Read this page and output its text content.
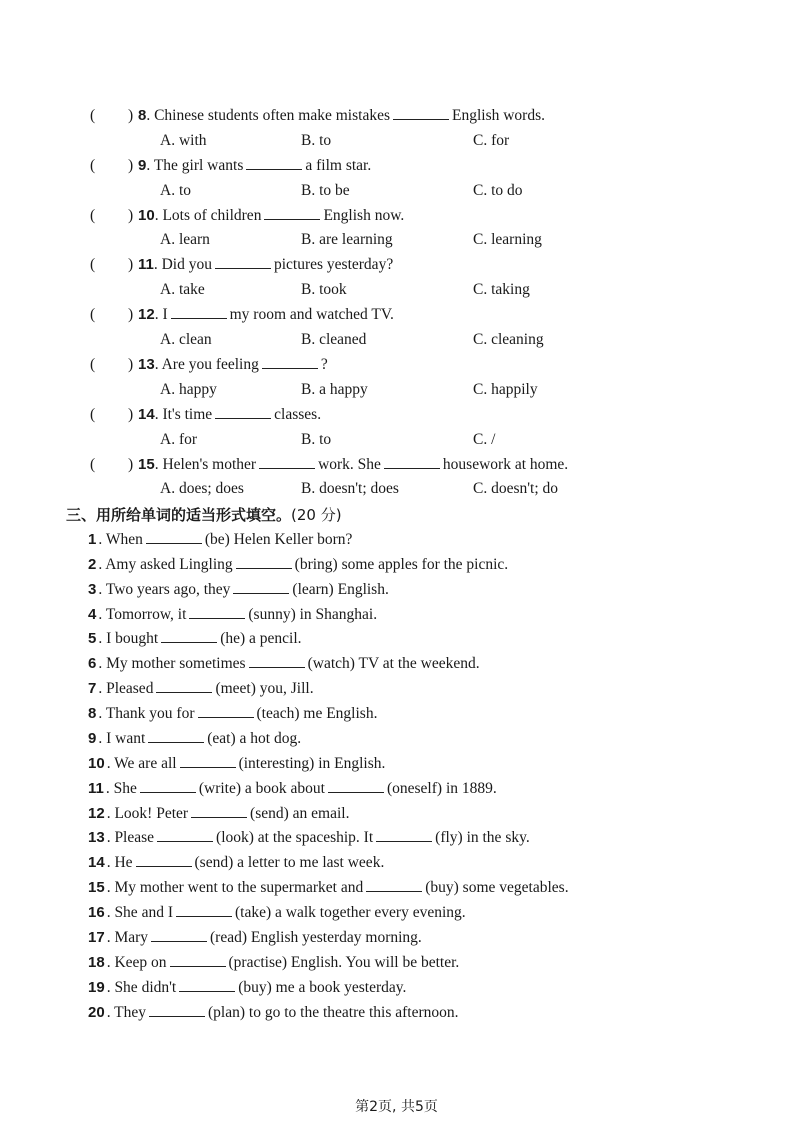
( ) 8. Chinese students often make mistakes	English words.
A. with	B. to	C. for
( ) 9. The girl wants	a film star.
A. to	B. to be	C. to do
( ) 10. Lots of children	English now.
A. learn	B. are learning	C. learning
( ) 11. Did you	pictures yesterday?
A. take	B. took	C. taking
( ) 12. I	my room and watched TV.
A. clean	B. cleaned	C. cleaning
( ) 13. Are you feeling	?
A. happy	B. a happy	C. happily
( ) 14. It's time	classes.
A. for	B. to	C. /
( ) 15. Helen's mother	work. She	housework at home.
A. does; does	B. doesn't; does	C. doesn't; do
三、用所给单词的适当形式填空。(20 分)
1 . When	(be) Helen Keller born?
2 . Amy asked Lingling	(bring) some apples for the picnic.
3 . Two years ago, they	(learn) English.
4 . Tomorrow, it	(sunny) in Shanghai.
5 . I bought	(he) a pencil.
6 . My mother sometimes	(watch) TV at the weekend.
7 . Pleased	(meet) you, Jill.
8 . Thank you for	(teach) me English.
9 . I want	(eat) a hot dog.
10 . We are all	(interesting) in English.
11 . She	(write) a book about	(oneself) in 1889.
12 . Look! Peter	(send) an email.
13 . Please	(look) at the spaceship. It	(fly) in the sky.
14 . He	(send) a letter to me last week.
15 . My mother went to the supermarket and	(buy) some vegetables.
16 . She and I	(take) a walk together every evening.
17 . Mary	(read) English yesterday morning.
18 . Keep on	(practise) English. You will be better.
19 . She didn't	(buy) me a book yesterday.
20 . They	(plan) to go to the theatre this afternoon.
第2页, 共5页
